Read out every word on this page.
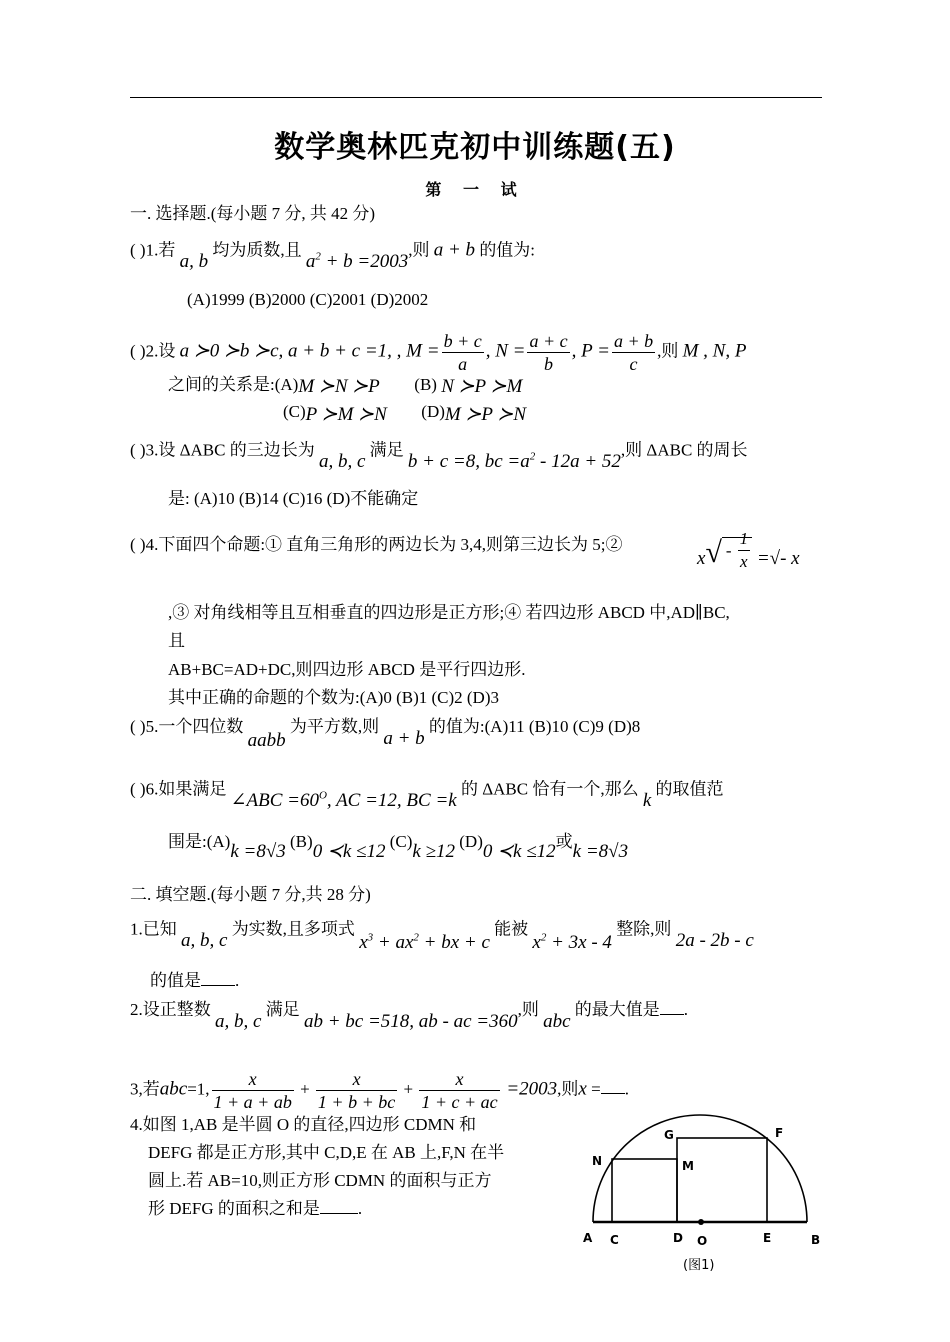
数学奥林匹克初中训练题(五)
第 一 试
一. 选择题.(每小题 7 分, 共 42 分)
( )1.若 a, b 均为质数,且 $a^2 + b =2003$,则 a + b 的值为:
(A)1999 (B)2000 (C)2001 (D)2002
( )2.设 a ≻0 ≻b ≻c, a + b + c =1, , $M = \frac{b + c}{a}$ , $N = \frac{a + c}{b}$ , $P = \frac{a + b}{c}$ ,则 M , N, P
之间的关系是:(A)M ≻N ≻P (B) N ≻P ≻M
(C)P ≻M ≻N (D)M ≻P ≻N
( )3.设 ΔABC 的三边长为 a, b, c 满足 b + c =8, bc $=a^2 - 12a + 52$,则 ΔABC 的周长
是: (A)10 (B)14 (C)16 (D)不能确定
( )4.下面四个命题:① 直角三角形的两边长为 3,4,则第三边长为 5;②
$x√ - \frac{1}{x}$ =√- x
,③ 对角线相等且互相垂直的四边形是正方形;④ 若四边形 ABCD 中,AD∥BC,
且
AB+BC=AD+DC,则四边形 ABCD 是平行四边形.
其中正确的命题的个数为:(A)0 (B)1 (C)2 (D)3
( )5.一个四位数 aabb 为平方数,则 a + b 的值为:(A)11 (B)10 (C)9 (D)8
( )6.如果满足 ∠ABC $=60^O$, AC =12, BC =k 的 ΔABC 恰有一个,那么 k 的取值范
围是:(A)k =8√3 (B)0 ≺k ≤12 (C)k ≥12 (D)0 ≺k ≤12或k =8√3
二. 填空题.(每小题 7 分,共 28 分)
1.已知 a, b, c 为实数,且多项式 $x^3 + ax^2$ + bx + c 能被 $x^2 + 3x - 4$ 整除,则 2a - 2b - c
的值是 .
2.设正整数 a, b, c 满足 ab + bc =518, ab - ac =360,则 abc 的最大值是 .
3,若abc=1, $\frac{x}{1 + a + ab} + \frac{x}{1 + b + bc} + \frac{x}{1 + c + ac} =2003$,则x = .
4.如图 1,AB 是半圆 O 的直径,四边形 CDMN 和
DEFG 都是正方形,其中 C,D,E 在 AB 上,F,N 在半
圆上.若 AB=10,则正方形 CDMN 的面积与正方
形 DEFG 的面积之和是 .
N
G	F
M
A C	D O	E	B
(图1)
